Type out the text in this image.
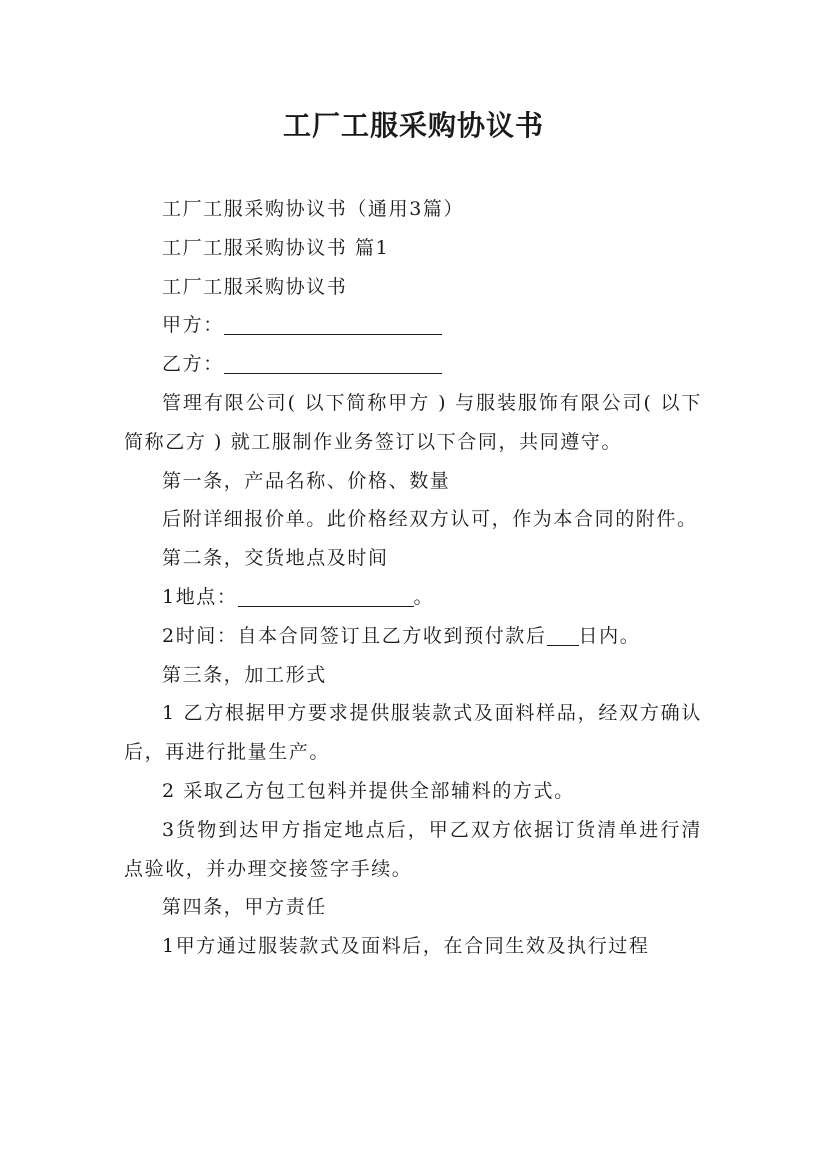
工厂工服采购协议书

工厂工服采购协议书（通用3篇）

工厂工服采购协议书 篇1

工厂工服采购协议书

甲方：

乙方：

管理有限公司( 以下简称甲方 ) 与服装服饰有限公司( 以下简称乙方 ) 就工服制作业务签订以下合同，共同遵守。

第一条，产品名称、价格、数量

后附详细报价单。此价格经双方认可，作为本合同的附件。

第二条，交货地点及时间

1地点：	。

2时间：自本合同签订且乙方收到预付款后 日内。

第三条，加工形式

1 乙方根据甲方要求提供服装款式及面料样品，经双方确认后，再进行批量生产。

2 采取乙方包工包料并提供全部辅料的方式。

3货物到达甲方指定地点后，甲乙双方依据订货清单进行清点验收，并办理交接签字手续。

第四条，甲方责任

1甲方通过服装款式及面料后，在合同生效及执行过程
